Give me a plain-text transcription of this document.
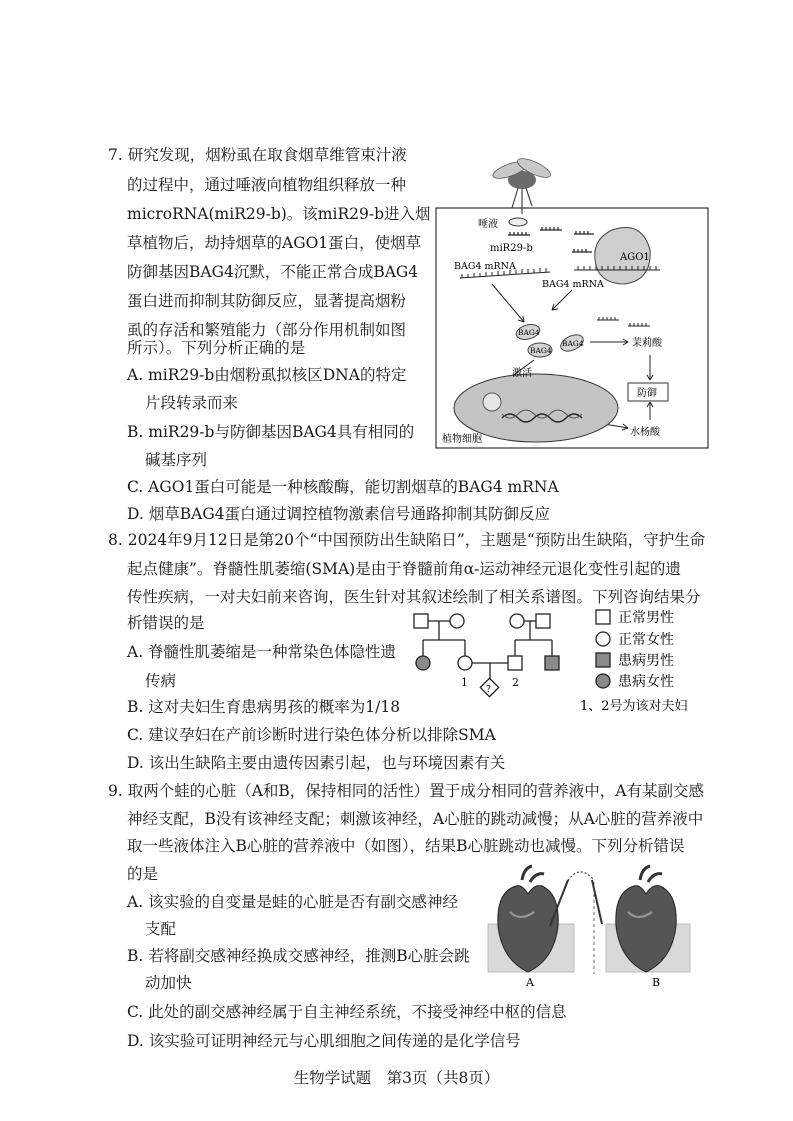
7. 研究发现，烟粉虱在取食烟草维管束汁液
的过程中，通过唾液向植物组织释放一种
microRNA(miR29-b)。该miR29-b进入烟
草植物后，劫持烟草的AGO1蛋白，使烟草
防御基因BAG4沉默，不能正常合成BAG4
蛋白进而抑制其防御反应，显著提高烟粉
虱的存活和繁殖能力（部分作用机制如图
所示）。下列分析正确的是
A. miR29-b由烟粉虱拟核区DNA的特定
片段转录而来
B. miR29-b与防御基因BAG4具有相同的
碱基序列
C. AGO1蛋白可能是一种核酸酶，能切割烟草的BAG4 mRNA
D. 烟草BAG4蛋白通过调控植物激素信号通路抑制其防御反应
唾液
miR29-b
AGO1
BAG4 mRNA
BAG4 mRNA
BAG4
BAG4
BAG4	茉莉酸
防御
水杨酸
激活
植物细胞
8. 2024年9月12日是第20个“中国预防出生缺陷日”，主题是“预防出生缺陷，守护生命
起点健康”。脊髓性肌萎缩(SMA)是由于脊髓前角α-运动神经元退化变性引起的遗
传性疾病，一对夫妇前来咨询，医生针对其叙述绘制了相关系谱图。下列咨询结果分
析错误的是
A. 脊髓性肌萎缩是一种常染色体隐性遗
传病
B. 这对夫妇生育患病男孩的概率为1/18
C. 建议孕妇在产前诊断时进行染色体分析以排除SMA
D. 该出生缺陷主要由遗传因素引起，也与环境因素有关
1	2
?
正常男性
正常女性
患病男性
患病女性
1、2号为该对夫妇
9. 取两个蛙的心脏（A和B，保持相同的活性）置于成分相同的营养液中，A有某副交感
神经支配，B没有该神经支配；刺激该神经，A心脏的跳动减慢；从A心脏的营养液中
取一些液体注入B心脏的营养液中（如图），结果B心脏跳动也减慢。下列分析错误
的是
A. 该实验的自变量是蛙的心脏是否有副交感神经
支配
B. 若将副交感神经换成交感神经，推测B心脏会跳
动加快
C. 此处的副交感神经属于自主神经系统，不接受神经中枢的信息
D. 该实验可证明神经元与心肌细胞之间传递的是化学信号
A	B
生物学试题　第3页（共8页）
